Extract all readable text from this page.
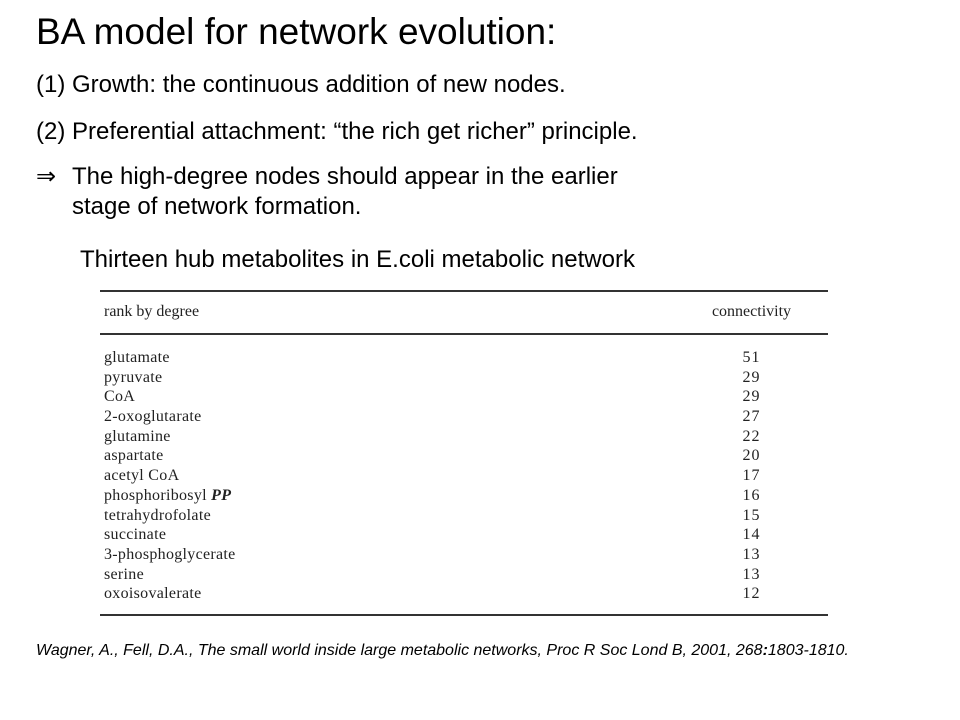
BA model for network evolution:
(1) Growth: the continuous addition of new nodes.
(2) Preferential attachment: “the rich get richer” principle.
⇒ The high-degree nodes should appear in the earlier
stage of network formation.
Thirteen hub metabolites in E.coli metabolic network
rank by degree	connectivity
glutamate	51
pyruvate	29
CoA	29
2-oxoglutarate	27
glutamine	22
aspartate	20
acetyl CoA	17
phosphoribosyl PP	16
tetrahydrofolate	15
succinate	14
3-phosphoglycerate	13
serine	13
oxoisovalerate	12
Wagner, A., Fell, D.A., The small world inside large metabolic networks, Proc R Soc Lond B, 2001, 268:1803-1810.
